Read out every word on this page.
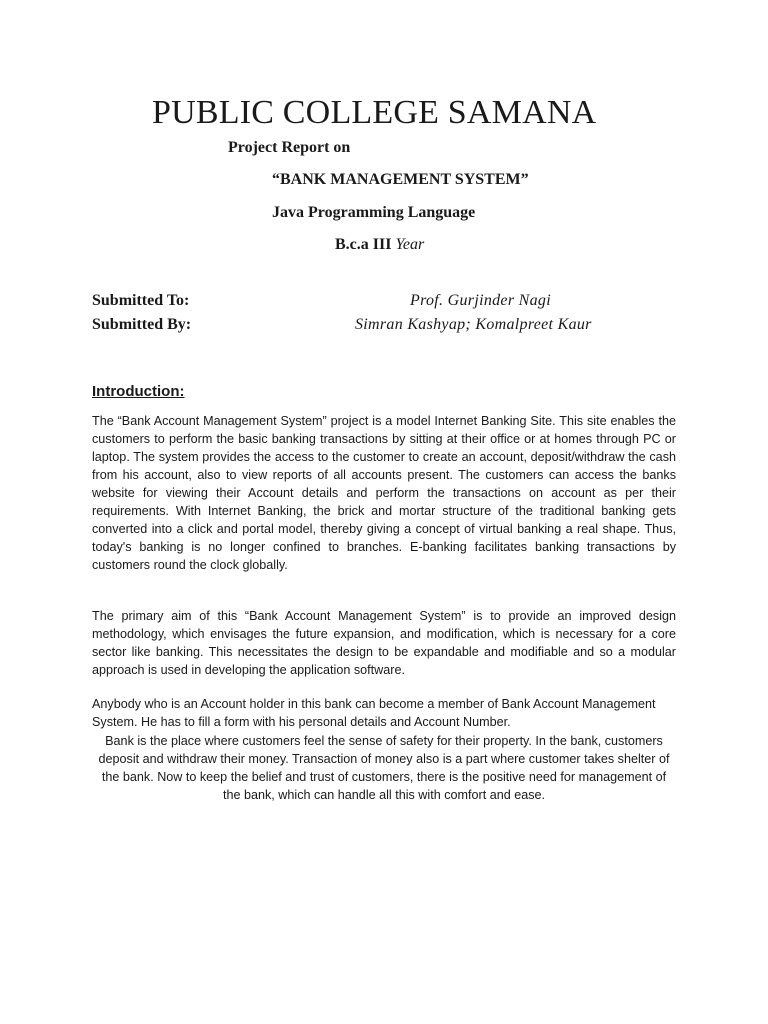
PUBLIC COLLEGE SAMANA
Project Report on
“BANK MANAGEMENT SYSTEM”
Java Programming Language
B.c.a III Year
Submitted To:	Prof. Gurjinder Nagi
Submitted By:	Simran Kashyap; Komalpreet Kaur
Introduction:

The “Bank Account Management System” project is a model Internet Banking Site. This site enables the customers to perform the basic banking transactions by sitting at their office or at homes through PC or laptop. The system provides the access to the customer to create an account, deposit/withdraw the cash from his account, also to view reports of all accounts present. The customers can access the banks website for viewing their Account details and perform the transactions on account as per their requirements. With Internet Banking, the brick and mortar structure of the traditional banking gets converted into a click and portal model, thereby giving a concept of virtual banking a real shape. Thus, today's banking is no longer confined to branches. E-banking facilitates banking transactions by customers round the clock globally.

The primary aim of this “Bank Account Management System” is to provide an improved design methodology, which envisages the future expansion, and modification, which is necessary for a core sector like banking. This necessitates the design to be expandable and modifiable and so a modular approach is used in developing the application software.

Anybody who is an Account holder in this bank can become a member of Bank Account Management System. He has to fill a form with his personal details and Account Number.

Bank is the place where customers feel the sense of safety for their property. In the bank, customers deposit and withdraw their money. Transaction of money also is a part where customer takes shelter of the bank. Now to keep the belief and trust of customers, there is the positive need for management of the bank, which can handle all this with comfort and ease.
